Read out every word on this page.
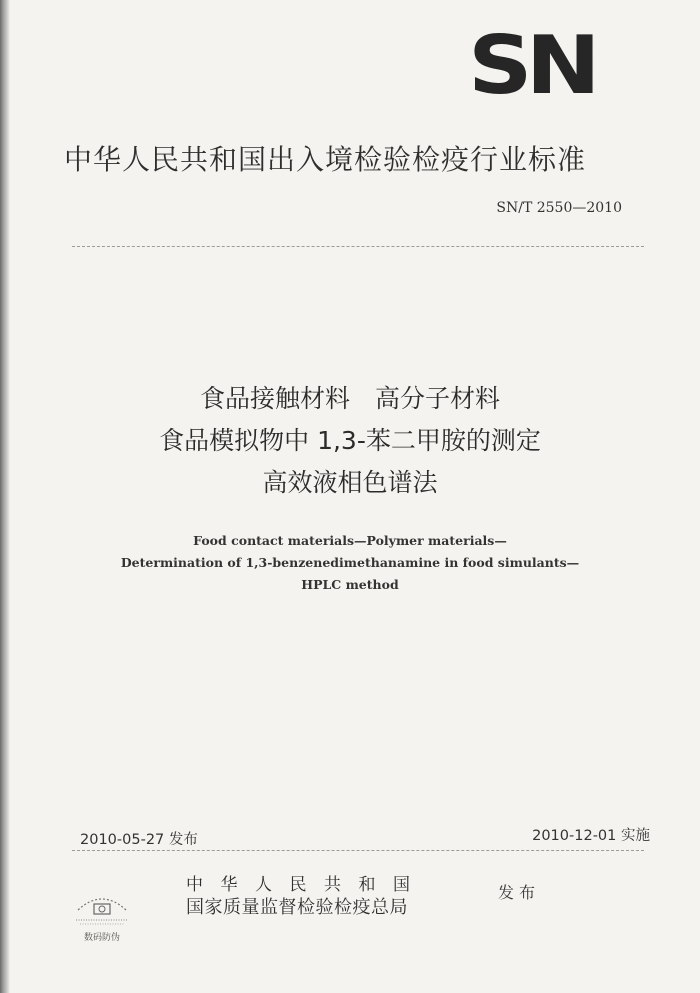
SN
中华人民共和国出入境检验检疫行业标准
SN/T 2550—2010
食品接触材料　高分子材料
食品模拟物中 1,3-苯二甲胺的测定
高效液相色谱法
Food contact materials—Polymer materials—
Determination of 1,3-benzenedimethanamine in food simulants—
HPLC method
2010-05-27 发布	2010-12-01 实施
中华人民共和国
国家质量监督检验检疫总局
发布
数码防伪
